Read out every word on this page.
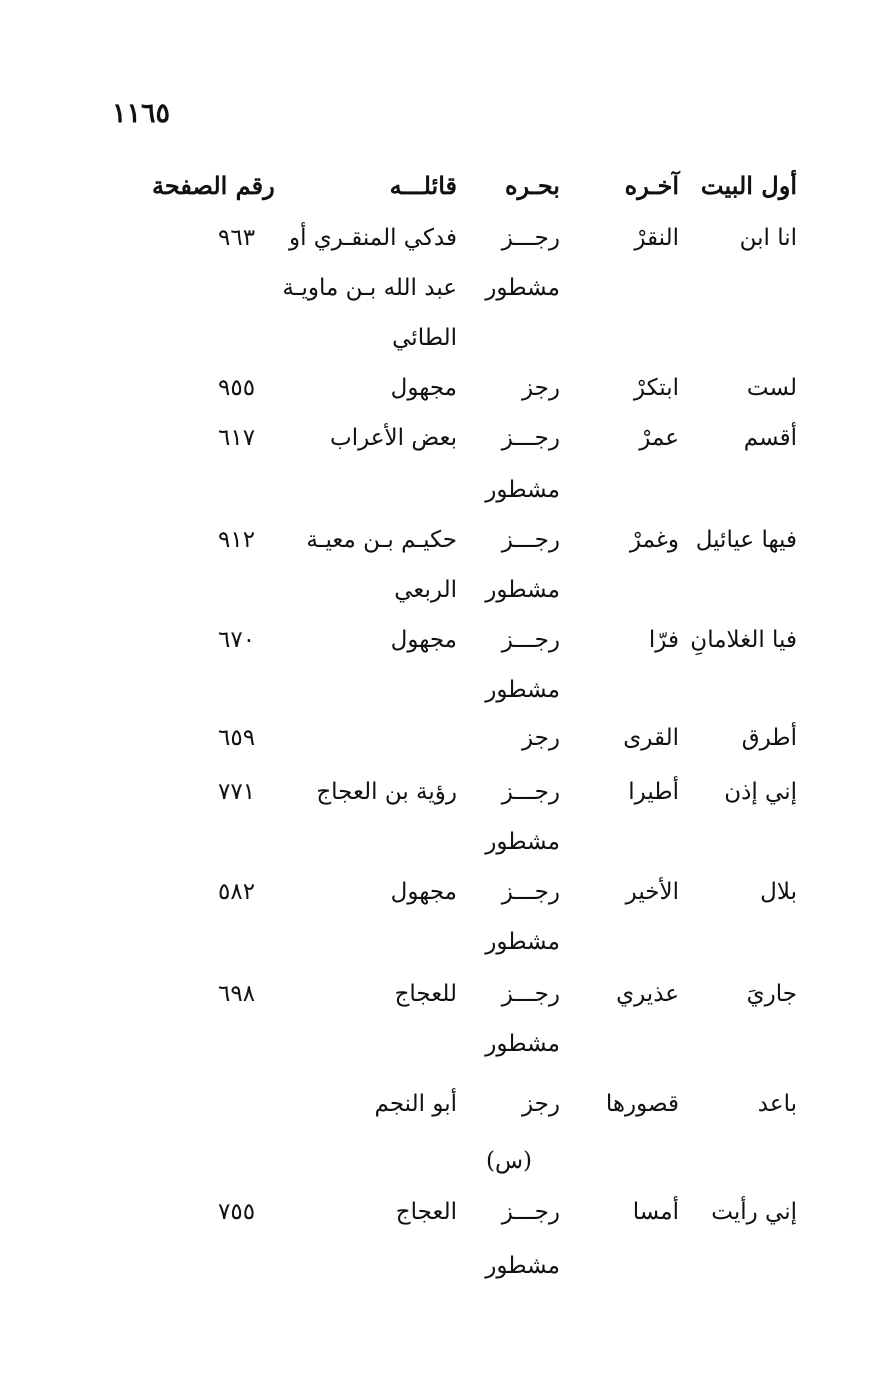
١١٦٥
أول البيت
آخـره
بحـره
قائلـــه
رقم الصفحة
انا ابن
النقرْ
رجـــز
فدكي المنقـري أو
٩٦٣
مشطور
عبد الله بـن ماويـة
الطائي
لست
ابتكرْ
رجز
مجهول
٩٥٥
أقسم
عمرْ
رجـــز
بعض الأعراب
٦١٧
مشطور
فيها عيائيل
وغمرْ
رجـــز
حكيـم بـن معيـة
٩١٢
مشطور
الربعي
فيا الغلامانِ
فرّا
رجـــز
مجهول
٦٧٠
مشطور
أطرق
القرى
رجز
٦٥٩
إني إذن
أطيرا
رجـــز
رؤية بن العجاج
٧٧١
مشطور
بلال
الأخير
رجـــز
مجهول
٥٨٢
مشطور
جاريَ
عذيري
رجـــز
للعجاج
٦٩٨
مشطور
باعد
قصورها
رجز
أبو النجم
(س)
إني رأيت
أمسا
رجـــز
العجاج
٧٥٥
مشطور
